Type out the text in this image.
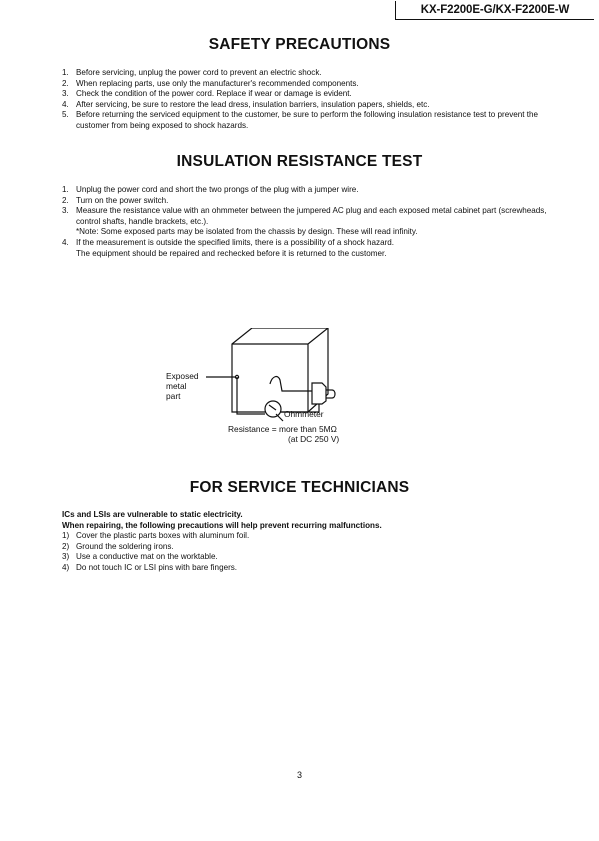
KX-F2200E-G/KX-F2200E-W
SAFETY PRECAUTIONS
1. Before servicing, unplug the power cord to prevent an electric shock.
2. When replacing parts, use only the manufacturer's recommended components.
3. Check the condition of the power cord. Replace if wear or damage is evident.
4. After servicing, be sure to restore the lead dress, insulation barriers, insulation papers, shields, etc.
5. Before returning the serviced equipment to the customer, be sure to perform the following insulation resistance test to prevent the customer from being exposed to shock hazards.
INSULATION RESISTANCE TEST
1. Unplug the power cord and short the two prongs of the plug with a jumper wire.
2. Turn on the power switch.
3. Measure the resistance value with an ohmmeter between the jumpered AC plug and each exposed metal cabinet part (screwheads, control shafts, handle brackets, etc.).
*Note: Some exposed parts may be isolated from the chassis by design. These will read infinity.
4. If the measurement is outside the specified limits, there is a possibility of a shock hazard.
The equipment should be repaired and rechecked before it is returned to the customer.
Exposed
metal
part
Ohmmeter
Resistance = more than 5MΩ
(at DC 250 V)
FOR SERVICE TECHNICIANS
ICs and LSIs are vulnerable to static electricity.
When repairing, the following precautions will help prevent recurring malfunctions.
1) Cover the plastic parts boxes with aluminum foil.
2) Ground the soldering irons.
3) Use a conductive mat on the worktable.
4) Do not touch IC or LSI pins with bare fingers.
3
